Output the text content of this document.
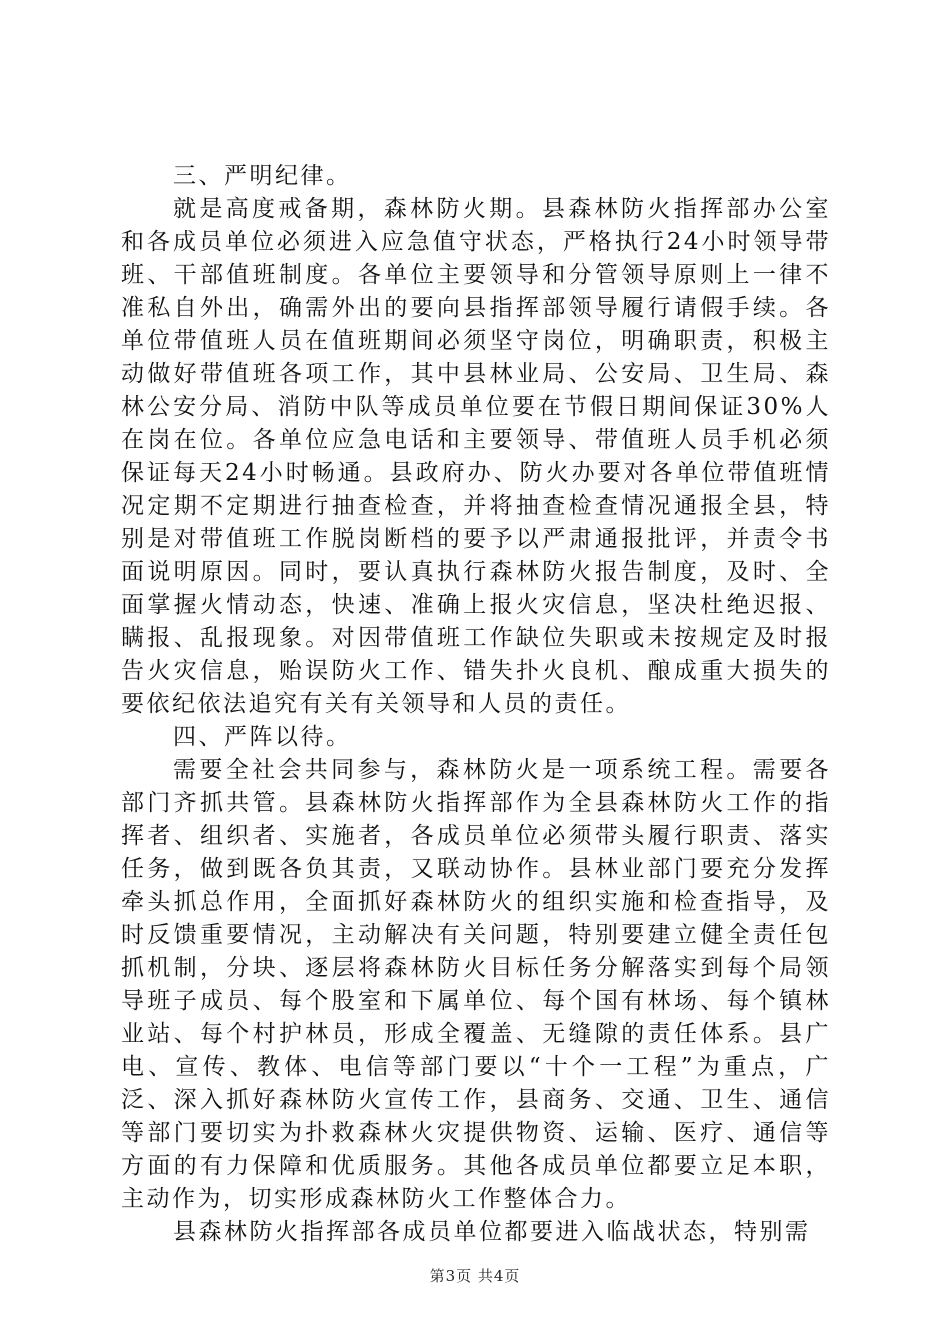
三、严明纪律。

就是高度戒备期，森林防火期。县森林防火指挥部办公室和各成员单位必须进入应急值守状态，严格执行24小时领导带班、干部值班制度。各单位主要领导和分管领导原则上一律不准私自外出，确需外出的要向县指挥部领导履行请假手续。各单位带值班人员在值班期间必须坚守岗位，明确职责，积极主动做好带值班各项工作，其中县林业局、公安局、卫生局、森林公安分局、消防中队等成员单位要在节假日期间保证30%人在岗在位。各单位应急电话和主要领导、带值班人员手机必须保证每天24小时畅通。县政府办、防火办要对各单位带值班情况定期不定期进行抽查检查，并将抽查检查情况通报全县，特别是对带值班工作脱岗断档的要予以严肃通报批评，并责令书面说明原因。同时，要认真执行森林防火报告制度，及时、全面掌握火情动态，快速、准确上报火灾信息，坚决杜绝迟报、瞒报、乱报现象。对因带值班工作缺位失职或未按规定及时报告火灾信息，贻误防火工作、错失扑火良机、酿成重大损失的要依纪依法追究有关有关领导和人员的责任。

四、严阵以待。

需要全社会共同参与，森林防火是一项系统工程。需要各部门齐抓共管。县森林防火指挥部作为全县森林防火工作的指挥者、组织者、实施者，各成员单位必须带头履行职责、落实任务，做到既各负其责，又联动协作。县林业部门要充分发挥牵头抓总作用，全面抓好森林防火的组织实施和检查指导，及时反馈重要情况，主动解决有关问题，特别要建立健全责任包抓机制，分块、逐层将森林防火目标任务分解落实到每个局领导班子成员、每个股室和下属单位、每个国有林场、每个镇林业站、每个村护林员，形成全覆盖、无缝隙的责任体系。县广电、宣传、教体、电信等部门要以“十个一工程”为重点，广泛、深入抓好森林防火宣传工作，县商务、交通、卫生、通信等部门要切实为扑救森林火灾提供物资、运输、医疗、通信等方面的有力保障和优质服务。其他各成员单位都要立足本职，主动作为，切实形成森林防火工作整体合力。

县森林防火指挥部各成员单位都要进入临战状态，特别需

第3页 共4页
